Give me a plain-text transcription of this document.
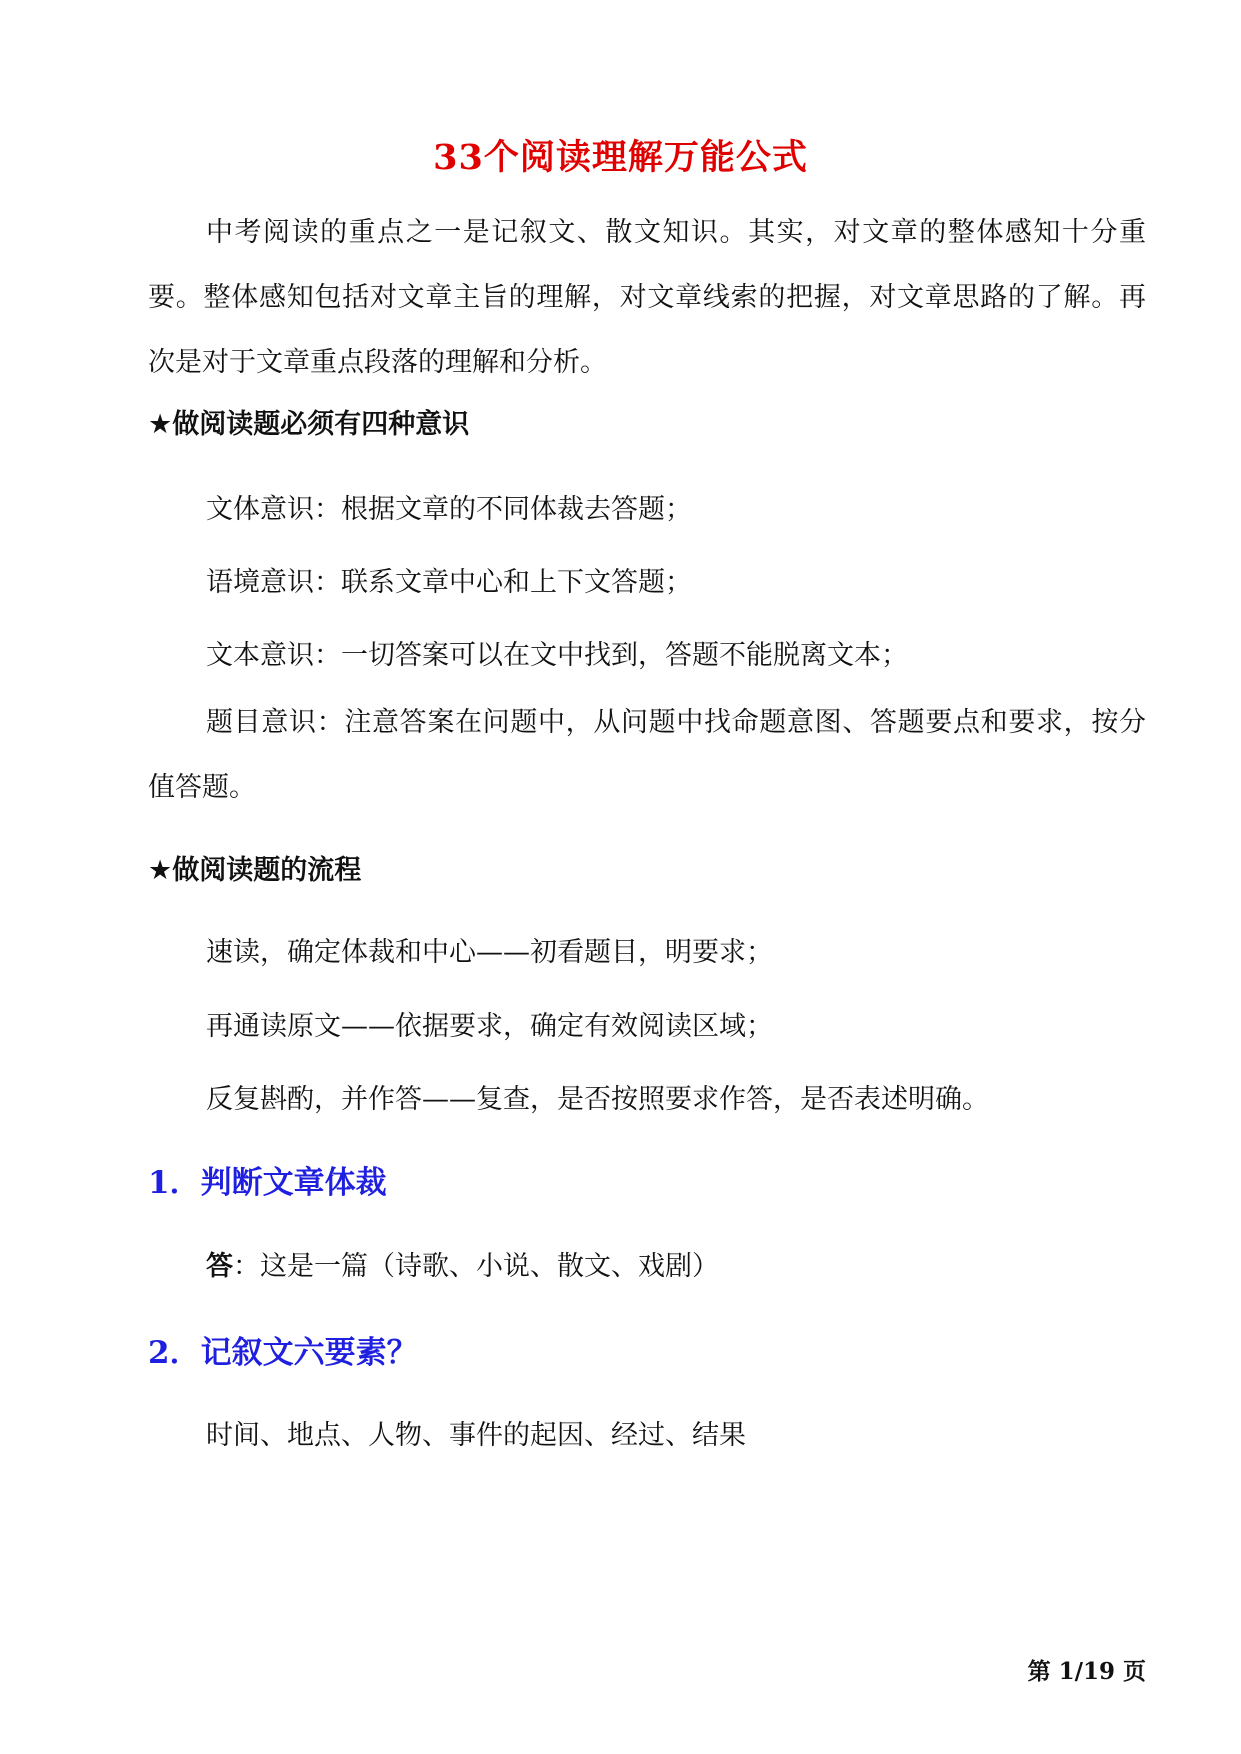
33个阅读理解万能公式
中考阅读的重点之一是记叙文、散文知识。其实，对文章的整体感知十分重要。整体感知包括对文章主旨的理解，对文章线索的把握，对文章思路的了解。再次是对于文章重点段落的理解和分析。
★做阅读题必须有四种意识
文体意识：根据文章的不同体裁去答题；
语境意识：联系文章中心和上下文答题；
文本意识：一切答案可以在文中找到，答题不能脱离文本；
题目意识：注意答案在问题中，从问题中找命题意图、答题要点和要求，按分值答题。
★做阅读题的流程
速读，确定体裁和中心——初看题目，明要求；
再通读原文——依据要求，确定有效阅读区域；
反复斟酌，并作答——复查，是否按照要求作答，是否表述明确。
1．判断文章体裁
答：这是一篇（诗歌、小说、散文、戏剧）
2．记叙文六要素？
时间、地点、人物、事件的起因、经过、结果
第 1/19 页
